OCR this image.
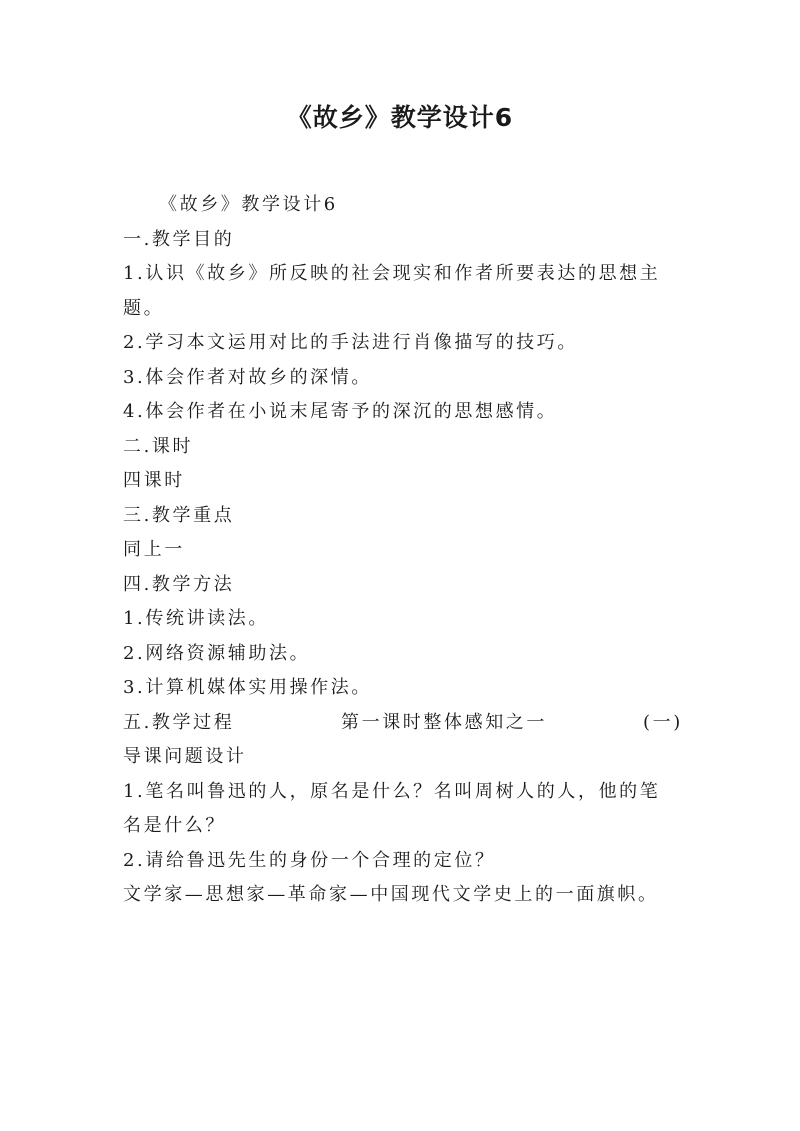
《故乡》教学设计6

《故乡》教学设计6

一.教学目的

1.认识《故乡》所反映的社会现实和作者所要表达的思想主

题。

2.学习本文运用对比的手法进行肖像描写的技巧。

3.体会作者对故乡的深情。

4.体会作者在小说末尾寄予的深沉的思想感情。

二.课时

四课时

三.教学重点

同上一

四.教学方法

1.传统讲读法。

2.网络资源辅助法。

3.计算机媒体实用操作法。

五.教学过程	第一课时整体感知之一	(一)

导课问题设计

1.笔名叫鲁迅的人，原名是什么？名叫周树人的人，他的笔

名是什么？

2.请给鲁迅先生的身份一个合理的定位？

文学家—思想家—革命家—中国现代文学史上的一面旗帜。
